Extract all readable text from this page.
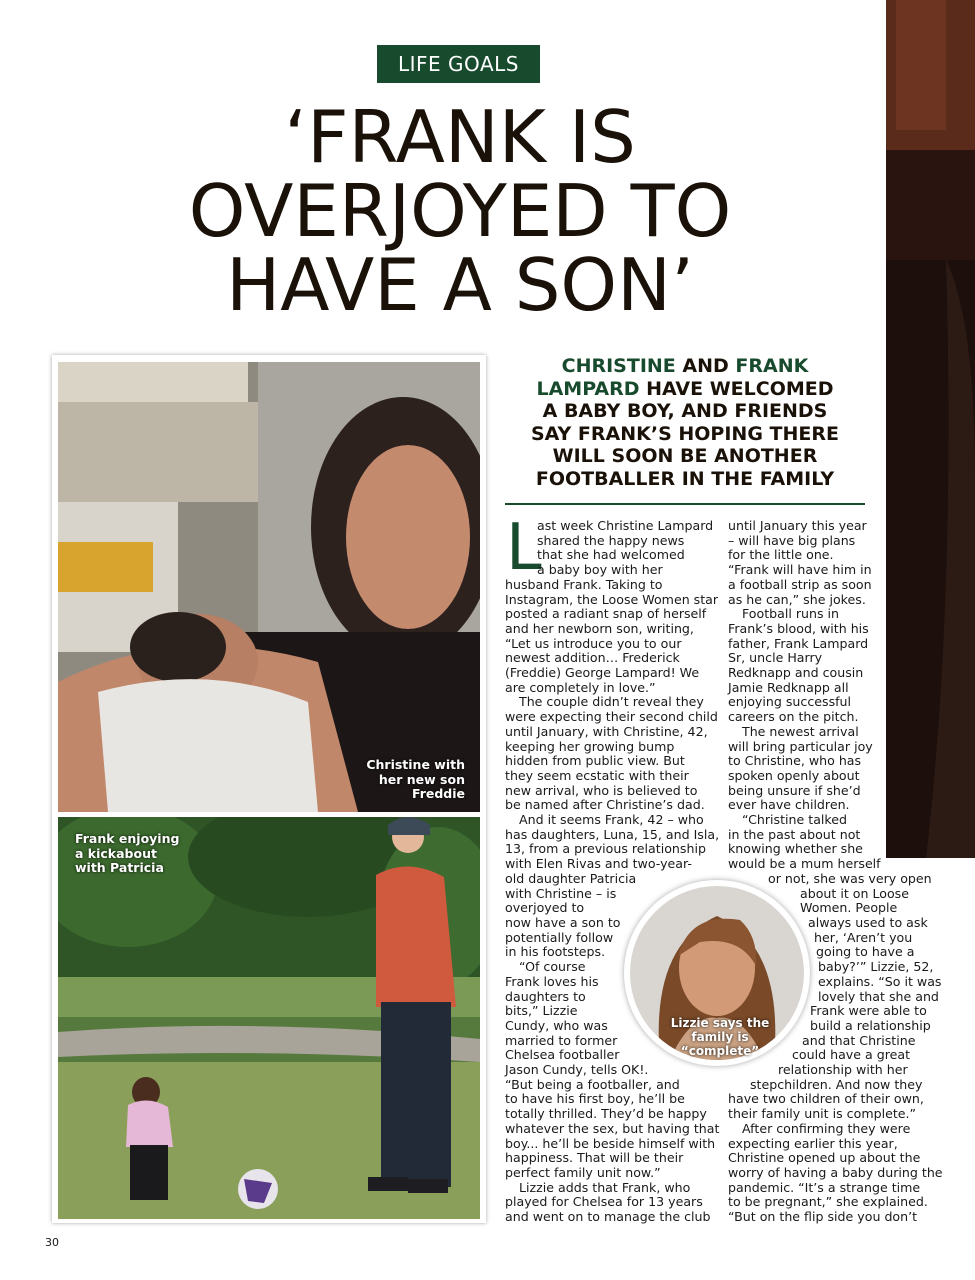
LIFE GOALS
‘FRANK IS
OVERJOYED TO
HAVE A SON’
CHRISTINE AND FRANK
LAMPARD HAVE WELCOMED
A BABY BOY, AND FRIENDS
SAY FRANK’S HOPING THERE
WILL SOON BE ANOTHER
FOOTBALLER IN THE FAMILY
Christine with
her new son
Freddie
Frank enjoying
a kickabout
with Patricia
L
ast week Christine Lampard
shared the happy news
that she had welcomed
a baby boy with her
husband Frank. Taking to
Instagram, the Loose Women star
posted a radiant snap of herself
and her newborn son, writing,
“Let us introduce you to our
newest addition… Frederick
(Freddie) George Lampard! We
are completely in love.”
The couple didn’t reveal they
were expecting their second child
until January, with Christine, 42,
keeping her growing bump
hidden from public view. But
they seem ecstatic with their
new arrival, who is believed to
be named after Christine’s dad.
And it seems Frank, 42 – who
has daughters, Luna, 15, and Isla,
13, from a previous relationship
with Elen Rivas and two-year-
old daughter Patricia
with Christine – is
overjoyed to
now have a son to
potentially follow
in his footsteps.
“Of course
Frank loves his
daughters to
bits,” Lizzie
Cundy, who was
married to former
Chelsea footballer
Jason Cundy, tells OK!.
“But being a footballer, and
to have his first boy, he’ll be
totally thrilled. They’d be happy
whatever the sex, but having that
boy... he’ll be beside himself with
happiness. That will be their
perfect family unit now.”
Lizzie adds that Frank, who
played for Chelsea for 13 years
and went on to manage the club
until January this year
– will have big plans
for the little one.
“Frank will have him in
a football strip as soon
as he can,” she jokes.
Football runs in
Frank’s blood, with his
father, Frank Lampard
Sr, uncle Harry
Redknapp and cousin
Jamie Redknapp all
enjoying successful
careers on the pitch.
The newest arrival
will bring particular joy
to Christine, who has
spoken openly about
being unsure if she’d
ever have children.
“Christine talked
in the past about not
knowing whether she
would be a mum herself
or not, she was very open
about it on Loose
Women. People
always used to ask
her, ‘Aren’t you
going to have a
baby?’” Lizzie, 52,
explains. “So it was
lovely that she and
Frank were able to
build a relationship
and that Christine
could have a great
relationship with her
stepchildren. And now they
have two children of their own,
their family unit is complete.”
After confirming they were
expecting earlier this year,
Christine opened up about the
worry of having a baby during the
pandemic. “It’s a strange time
to be pregnant,” she explained.
“But on the flip side you don’t
Lizzie says the
family is
“complete”
30
